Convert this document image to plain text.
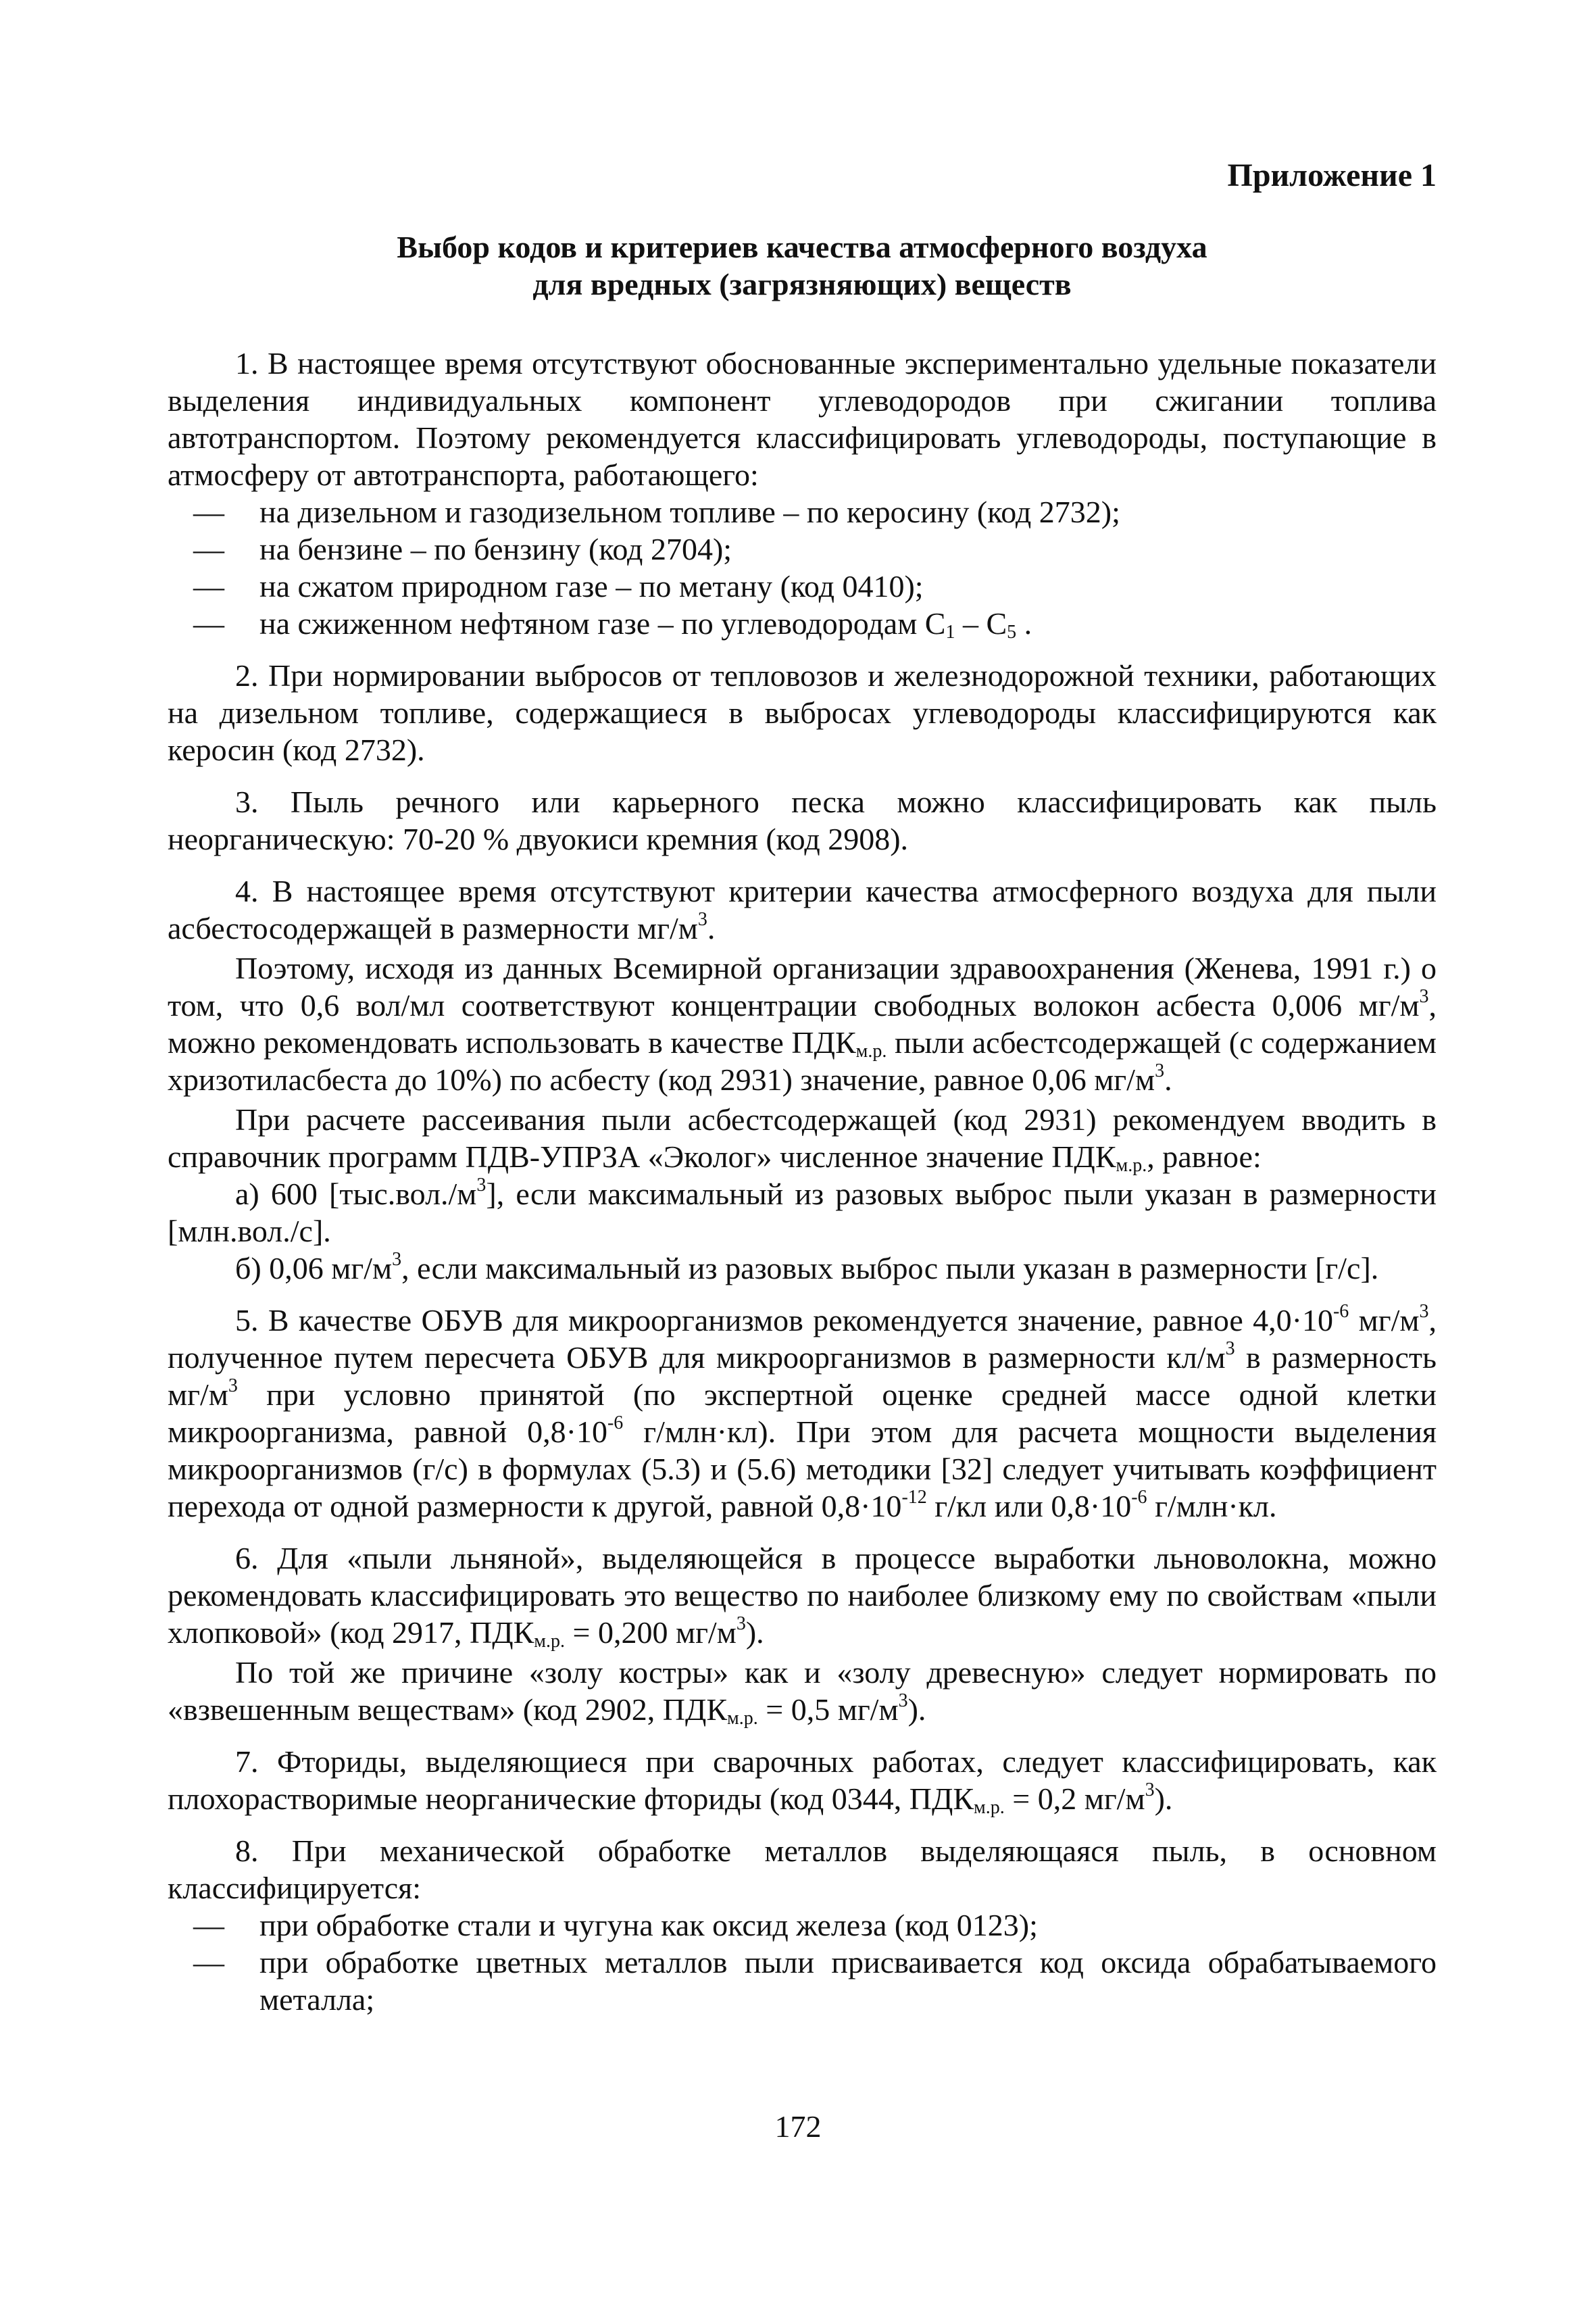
Приложение 1
Выбор кодов и критериев качества атмосферного воздуха
для вредных (загрязняющих) веществ

1. В настоящее время отсутствуют обоснованные экспериментально удельные показатели выделения индивидуальных компонент углеводородов при сжигании топлива автотранспортом. Поэтому рекомендуется классифицировать углеводороды, поступающие в атмосферу от автотранспорта, работающего:

— на дизельном и газодизельном топливе – по керосину (код 2732);
— на бензине – по бензину (код 2704);
— на сжатом природном газе – по метану (код 0410);
— на сжиженном нефтяном газе – по углеводородам $C_1 - C_5$ .

2. При нормировании выбросов от тепловозов и железнодорожной техники, работающих на дизельном топливе, содержащиеся в выбросах углеводороды классифицируются как керосин (код 2732).

3. Пыль речного или карьерного песка можно классифицировать как пыль неорганическую: 70-20 % двуокиси кремния (код 2908).

4. В настоящее время отсутствуют критерии качества атмосферного воздуха для пыли асбестосодержащей в размерности $мг/м^3$.

Поэтому, исходя из данных Всемирной организации здравоохранения (Женева, 1991 г.) о том, что 0,6 вол/мл соответствуют концентрации свободных волокон асбеста 0,006 $мг/м^3$, можно рекомендовать использовать в качестве $ПДК_{м.р.}$ пыли асбестсодержащей (с содержанием хризотиласбеста до 10%) по асбесту (код 2931) значение, равное 0,06 $мг/м^3$.

При расчете рассеивания пыли асбестсодержащей (код 2931) рекомендуем вводить в справочник программ ПДВ-УПРЗА «Эколог» численное значение $ПДК_{м.р.}$, равное:

а) 600 $[тыс.вол./м^3]$, если максимальный из разовых выброс пыли указан в размерности [млн.вол./с].

б) 0,06 $мг/м^3$, если максимальный из разовых выброс пыли указан в размерности [г/с].

5. В качестве ОБУВ для микроорганизмов рекомендуется значение, равное $4,0\cdot 10^{-6}$ $мг/м^3$, полученное путем пересчета ОБУВ для микроорганизмов в размерности $кл/м^3$ в размерность $мг/м^3$ при условно принятой (по экспертной оценке средней массе одной клетки микроорганизма, равной $0,8\cdot 10^{-6}$ г/млн·кл). При этом для расчета мощности выделения микроорганизмов (г/с) в формулах (5.3) и (5.6) методики [32] следует учитывать коэффициент перехода от одной размерности к другой, равной $0,8\cdot 10^{-12}$ г/кл или $0,8\cdot 10^{-6}$ г/млн·кл.

6. Для «пыли льняной», выделяющейся в процессе выработки льноволокна, можно рекомендовать классифицировать это вещество по наиболее близкому ему по свойствам «пыли хлопковой» (код 2917, $ПДК_{м.р.} = 0,200$ $мг/м^3$).

По той же причине «золу костры» как и «золу древесную» следует нормировать по «взвешенным веществам» (код 2902, $ПДК_{м.р.} = 0,5$ $мг/м^3$).

7. Фториды, выделяющиеся при сварочных работах, следует классифицировать, как плохорастворимые неорганические фториды (код 0344, $ПДК_{м.р.} = 0,2$ $мг/м^3$).

8. При механической обработке металлов выделяющаяся пыль, в основном классифицируется:

— при обработке стали и чугуна как оксид железа (код 0123);
— при обработке цветных металлов пыли присваивается код оксида обрабатываемого металла;
172
